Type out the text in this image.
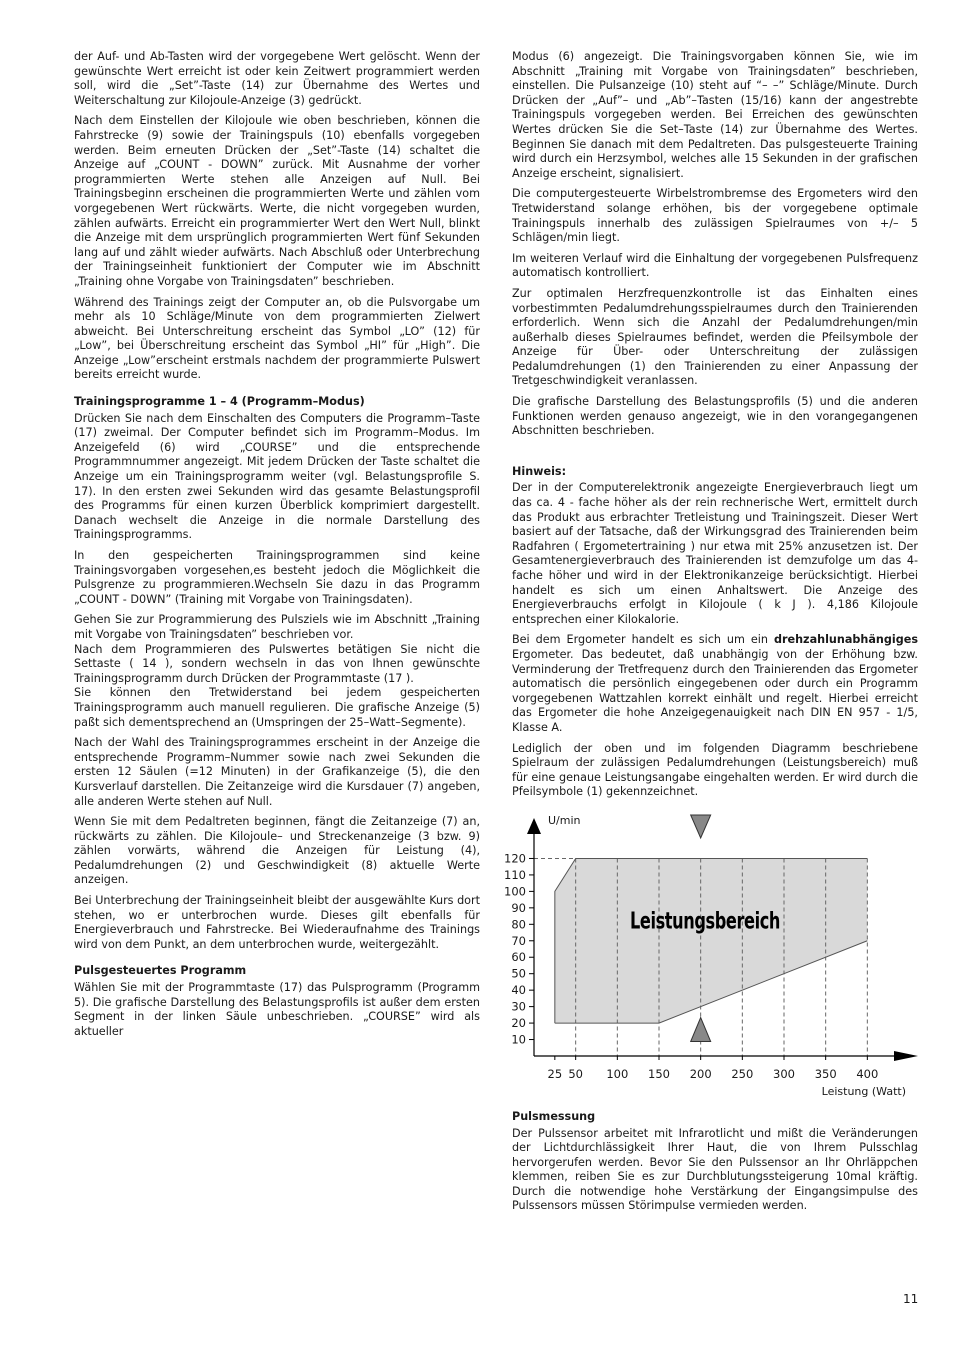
der Auf- und Ab-Tasten wird der vorgegebene Wert gelöscht. Wenn der gewünschte Wert erreicht ist oder kein Zeitwert programmiert werden soll, wird die „Set”-Taste (14) zur Übernahme des Wertes und Weiterschaltung zur Kilojoule-Anzeige (3) gedrückt.

Nach dem Einstellen der Kilojoule wie oben beschrieben, können die Fahrstrecke (9) sowie der Trainingspuls (10) ebenfalls vorgegeben werden. Beim erneuten Drücken der „Set”-Taste (14) schaltet die Anzeige auf „COUNT - DOWN” zurück. Mit Ausnahme der vorher programmierten Werte stehen alle Anzeigen auf Null. Bei Trainingsbeginn erscheinen die programmierten Werte und zählen vom vorgegebenen Wert rückwärts. Werte, die nicht vorgegeben wurden, zählen aufwärts. Erreicht ein programmierter Wert den Wert Null, blinkt die Anzeige mit dem ursprünglich programmierten Wert fünf Sekunden lang auf und zählt wieder aufwärts. Nach Abschluß oder Unterbrechung der Trainingseinheit funktioniert der Computer wie im Abschnitt „Training ohne Vorgabe von Trainingsdaten” beschrieben.

Während des Trainings zeigt der Computer an, ob die Pulsvorgabe um mehr als 10 Schläge/Minute von dem programmierten Zielwert abweicht. Bei Unterschreitung erscheint das Symbol „LO” (12) für „Low”, bei Überschreitung erscheint das Symbol „HI” für „High”. Die Anzeige „Low”erscheint erstmals nachdem der programmierte Pulswert bereits erreicht wurde.

Trainingsprogramme 1 – 4 (Programm–Modus)

Drücken Sie nach dem Einschalten des Computers die Programm–Taste (17) zweimal. Der Computer befindet sich im Programm–Modus. Im Anzeigefeld (6) wird „COURSE” und die entsprechende Programmnummer angezeigt. Mit jedem Drücken der Taste schaltet die Anzeige um ein Trainingsprogramm weiter (vgl. Belastungsprofile S. 17). In den ersten zwei Sekunden wird das gesamte Belastungsprofil des Programms für einen kurzen Überblick komprimiert dargestellt. Danach wechselt die Anzeige in die normale Darstellung des Trainingsprogramms.

In den gespeicherten Trainingsprogrammen sind keine Trainingsvorgaben vorgesehen,es besteht jedoch die Möglichkeit die Pulsgrenze zu programmieren.Wechseln Sie dazu in das Programm „COUNT - D0WN” (Training mit Vorgabe von Trainingsdaten).

Gehen Sie zur Programmierung des Pulsziels wie im Abschnitt „Training mit Vorgabe von Trainingsdaten” beschrieben vor.

Nach dem Programmieren des Pulswertes betätigen Sie nicht die Settaste ( 14 ), sondern wechseln in das von Ihnen gewünschte Trainingsprogramm durch Drücken der Programmtaste (17 ).

Sie können den Tretwiderstand bei jedem gespeicherten Trainingsprogramm auch manuell regulieren. Die grafische Anzeige (5) paßt sich dementsprechend an (Umspringen der 25–Watt–Segmente).

Nach der Wahl des Trainingsprogrammes erscheint in der Anzeige die entsprechende Programm–Nummer sowie nach zwei Sekunden die ersten 12 Säulen (=12 Minuten) in der Grafikanzeige (5), die den Kursverlauf darstellen. Die Zeitanzeige wird die Kursdauer (7) angeben, alle anderen Werte stehen auf Null.

Wenn Sie mit dem Pedaltreten beginnen, fängt die Zeitanzeige (7) an, rückwärts zu zählen. Die Kilojoule– und Streckenanzeige (3 bzw. 9) zählen vorwärts, während die Anzeigen für Leistung (4), Pedalumdrehungen (2) und Geschwindigkeit (8) aktuelle Werte anzeigen.

Bei Unterbrechung der Trainingseinheit bleibt der ausgewählte Kurs dort stehen, wo er unterbrochen wurde. Dieses gilt ebenfalls für Energieverbrauch und Fahrstrecke. Bei Wiederaufnahme des Trainings wird von dem Punkt, an dem unterbrochen wurde, weitergezählt.

Pulsgesteuertes Programm

Wählen Sie mit der Programmtaste (17) das Pulsprogramm (Programm 5). Die grafische Darstellung des Belastungsprofils ist außer dem ersten Segment in der linken Säule unbeschrieben. „COURSE” wird als aktueller

Modus (6) angezeigt. Die Trainingsvorgaben können Sie, wie im Abschnitt „Training mit Vorgabe von Trainingsdaten” beschrieben, einstellen. Die Pulsanzeige (10) steht auf “– –” Schläge/Minute. Durch Drücken der „Auf”– und „Ab”–Tasten (15/16) kann der angestrebte Trainingspuls vorgegeben werden. Bei Erreichen des gewünschten Wertes drücken Sie die Set–Taste (14) zur Übernahme des Wertes. Beginnen Sie danach mit dem Pedaltreten. Das pulsgesteuerte Training wird durch ein Herzsymbol, welches alle 15 Sekunden in der grafischen Anzeige erscheint, signalisiert.

Die computergesteuerte Wirbelstrombremse des Ergometers wird den Tretwiderstand solange erhöhen, bis der vorgegebene optimale Trainingspuls innerhalb des zulässigen Spielraumes von +/– 5 Schlägen/min liegt.

Im weiteren Verlauf wird die Einhaltung der vorgegebenen Pulsfrequenz automatisch kontrolliert.

Zur optimalen Herzfrequenzkontrolle ist das Einhalten eines vorbestimmten Pedalumdrehungsspielraumes durch den Trainierenden erforderlich. Wenn sich die Anzahl der Pedalumdrehungen/min außerhalb dieses Spielraumes befindet, werden die Pfeilsymbole der Anzeige für Über- oder Unterschreitung der zulässigen Pedalumdrehungen (1) den Trainierenden zu einer Anpassung der Tretgeschwindigkeit veranlassen.

Die grafische Darstellung des Belastungsprofils (5) und die anderen Funktionen werden genauso angezeigt, wie in den vorangegangenen Abschnitten beschrieben.

Hinweis:

Der in der Computerelektronik angezeigte Energieverbrauch liegt um das ca. 4 - fache höher als der rein rechnerische Wert, ermittelt durch das Produkt aus erbrachter Tretleistung und Trainingszeit. Dieser Wert basiert auf der Tatsache, daß der Wirkungsgrad des Trainierenden beim Radfahren ( Ergometertraining ) nur etwa mit 25% anzusetzen ist. Der Gesamtenergieverbrauch des Trainierenden ist demzufolge um das 4-fache höher und wird in der Elektronikanzeige berücksichtigt. Hierbei handelt es sich um einen Anhaltswert. Die Anzeige des Energieverbrauchs erfolgt in Kilojoule ( k J ). 4,186 Kilojoule entsprechen einer Kilokalorie.

Bei dem Ergometer handelt es sich um ein drehzahlunabhängiges Ergometer. Das bedeutet, daß unabhängig von der Erhöhung bzw. Verminderung der Tretfrequenz durch den Trainierenden das Ergometer automatisch die persönlich eingegebenen oder durch ein Programm vorgegebenen Wattzahlen korrekt einhält und regelt. Hierbei erreicht das Ergometer die hohe Anzeigegenauigkeit nach DIN EN 957 - 1/5, Klasse A.

Lediglich der oben und im folgenden Diagramm beschriebene Spielraum der zulässigen Pedalumdrehungen (Leistungsbereich) muß für eine genaue Leistungsangabe eingehalten werden. Er wird durch die Pfeilsymbole (1) gekennzeichnet.

10
20
30
40
50
60
70
80
90
100
110
120
25 50 100 150 200 250 300 350 400
U/min
Leistung (Watt)
Leistungsbereich
Pulsmessung

Der Pulssensor arbeitet mit Infrarotlicht und mißt die Veränderungen der Lichtdurchlässigkeit Ihrer Haut, die von Ihrem Pulsschlag hervorgerufen werden. Bevor Sie den Pulssensor an Ihr Ohrläppchen klemmen, reiben Sie es zur Durchblutungssteigerung 10mal kräftig. Durch die notwendige hohe Verstärkung der Eingangsimpulse des Pulssensors müssen Störimpulse vermieden werden.

11
